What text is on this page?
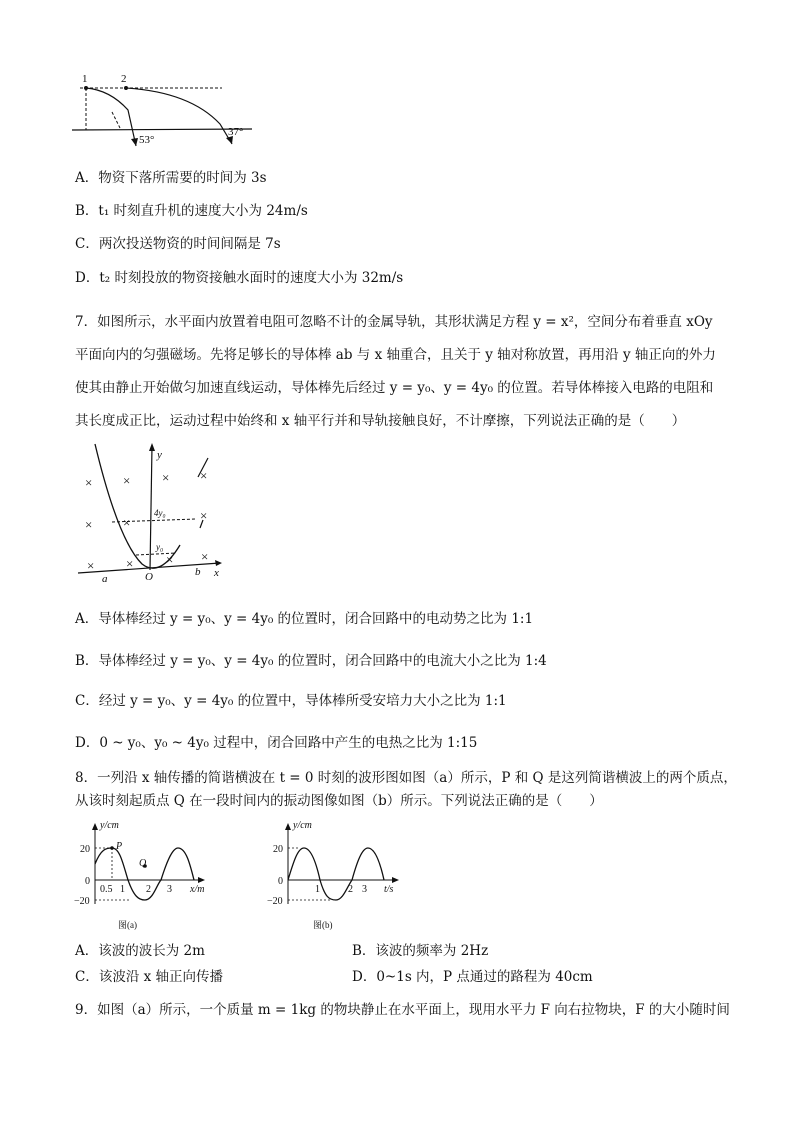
1	2
53°
37°
A．物资下落所需要的时间为 3s
B．t₁ 时刻直升机的速度大小为 24m/s
C．两次投送物资的时间间隔是 7s
D．t₂ 时刻投放的物资接触水面时的速度大小为 32m/s
7．如图所示，水平面内放置着电阻可忽略不计的金属导轨，其形状满足方程 y = x²，空间分布着垂直 xOy
平面向内的匀强磁场。先将足够长的导体棒 ab 与 x 轴重合，且关于 y 轴对称放置，再用沿 y 轴正向的外力
使其由静止开始做匀加速直线运动，导体棒先后经过 y = y₀、y = 4y₀ 的位置。若导体棒接入电路的电阻和
其长度成正比，运动过程中始终和 x 轴平行并和导轨接触良好，不计摩擦，下列说法正确的是（　　）
× × × ×
× ×	×
× ×	× ×
y
x
4y₀
y₀
a
b
O
A．导体棒经过 y = y₀、y = 4y₀ 的位置时，闭合回路中的电动势之比为 1:1
B．导体棒经过 y = y₀、y = 4y₀ 的位置时，闭合回路中的电流大小之比为 1:4
C．经过 y = y₀、y = 4y₀ 的位置中，导体棒所受安培力大小之比为 1:1
D．0 ~ y₀、y₀ ~ 4y₀ 过程中，闭合回路中产生的电热之比为 1:15
8．一列沿 x 轴传播的简谐横波在 t = 0 时刻的波形图如图（a）所示，P 和 Q 是这列简谐横波上的两个质点，
从该时刻起质点 Q 在一段时间内的振动图像如图（b）所示。下列说法正确的是（　　）
y/cm
x/m
20
0
−20
0.5 1 2 3
P
Q
图(a)
y/cm
t/s
20
0
−20
1	2 3
图(b)
A．该波的波长为 2m	B．该波的频率为 2Hz
C．该波沿 x 轴正向传播	D．0~1s 内，P 点通过的路程为 40cm
9．如图（a）所示，一个质量 m = 1kg 的物块静止在水平面上，现用水平力 F 向右拉物块，F 的大小随时间
